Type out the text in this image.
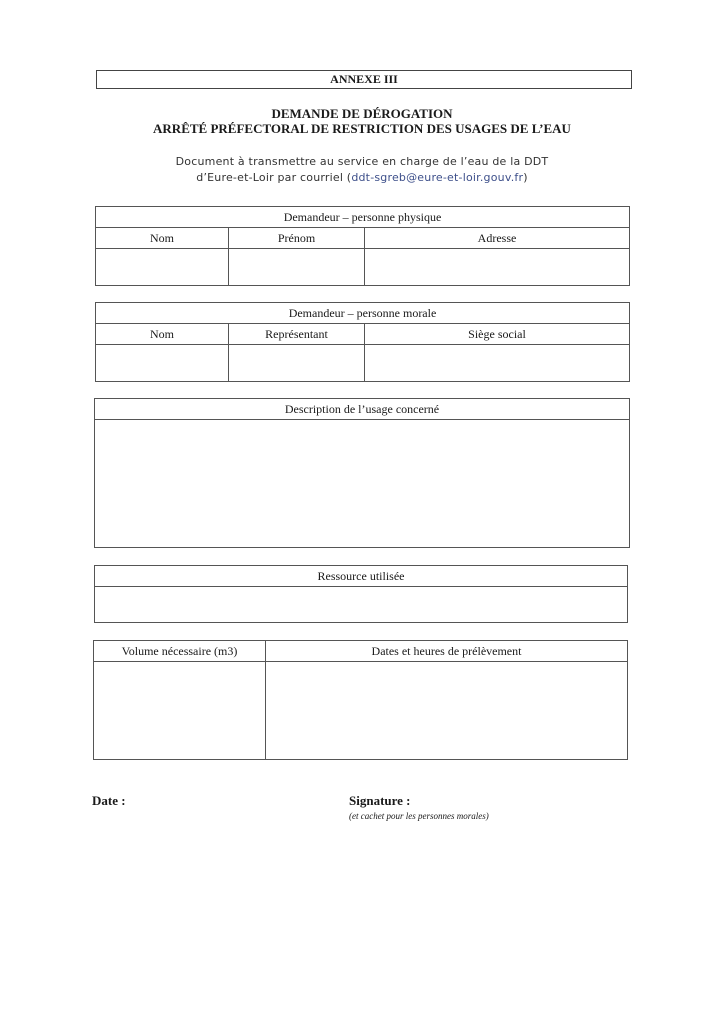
ANNEXE III
DEMANDE DE DÉROGATION
ARRÊTÉ PRÉFECTORAL DE RESTRICTION DES USAGES DE L’EAU
Document à transmettre au service en charge de l’eau de la DDT
d’Eure-et-Loir par courriel (ddt-sgreb@eure-et-loir.gouv.fr)
Demandeur – personne physique		
Nom	Prénom	Adresse

Demandeur – personne morale		
Nom	Représentant	Siège social

Description de l’usage concerné

Ressource utilisée

Volume nécessaire (m3)	Dates et heures de prélèvement

Date :	Signature :
(et cachet pour les personnes morales)
